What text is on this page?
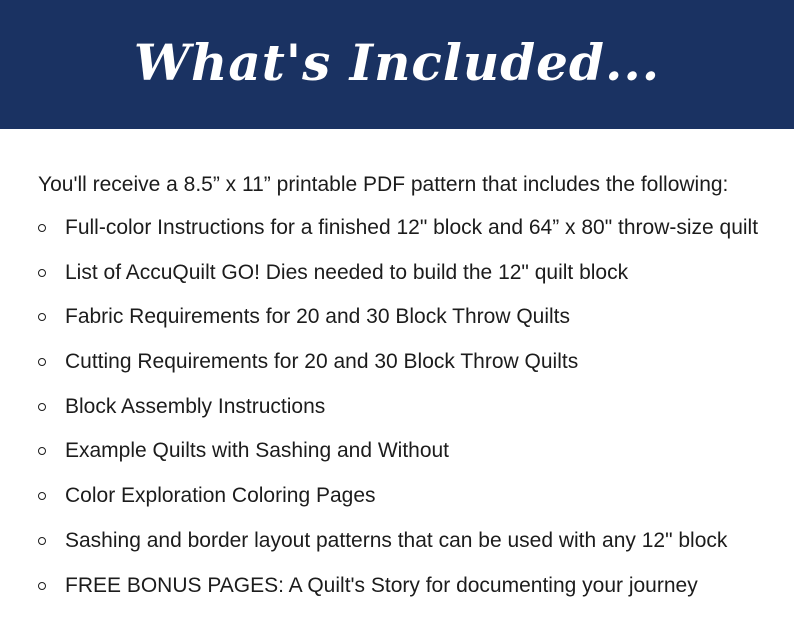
What's Included...
You'll receive a 8.5” x 11” printable PDF pattern that includes the following:
Full-color Instructions for a finished 12" block and 64” x 80" throw-size quilt
List of AccuQuilt GO! Dies needed to build the 12" quilt block
Fabric Requirements for 20 and 30 Block Throw Quilts
Cutting Requirements for 20 and 30 Block Throw Quilts
Block Assembly Instructions
Example Quilts with Sashing and Without
Color Exploration Coloring Pages
Sashing and border layout patterns that can be used with any 12" block
FREE BONUS PAGES: A Quilt's Story for documenting your journey
